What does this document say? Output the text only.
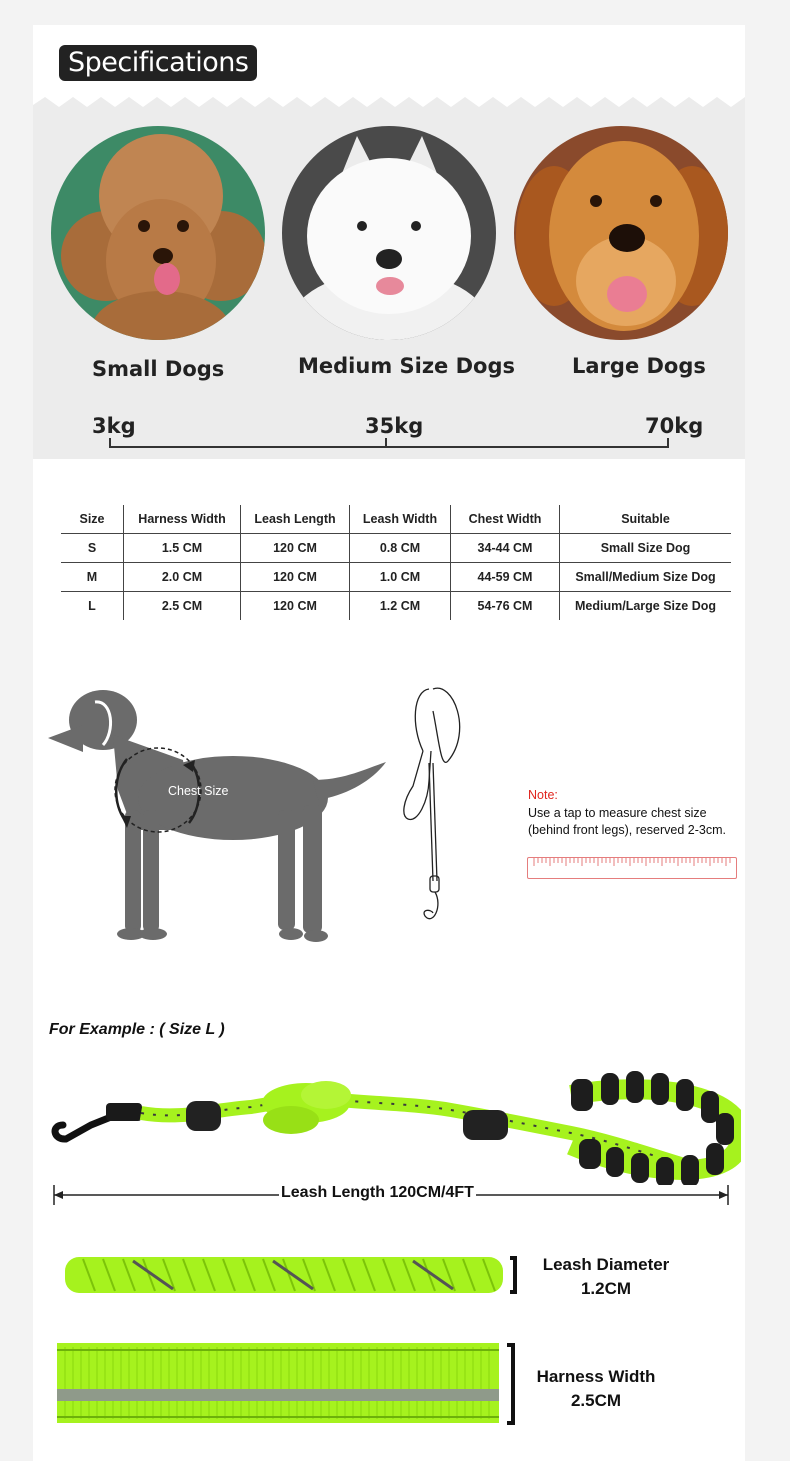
Specifications
Small Dogs	Medium Size Dogs	Large Dogs
3kg	35kg	70kg
Size	Harness Width	Leash Length	Leash Width	Chest Width	Suitable
S	1.5 CM	120 CM	0.8 CM	34-44 CM	Small Size Dog
M	2.0 CM	120 CM	1.0 CM	44-59 CM	Small/Medium Size Dog
L	2.5 CM	120 CM	1.2 CM	54-76 CM	Medium/Large Size Dog
Chest Size	Note:
Use a tap to measure chest size
(behind front legs), reserved 2-3cm.
For Example : ( Size L )
Leash Length 120CM/4FT
Leash Diameter
1.2CM
Harness Width
2.5CM
